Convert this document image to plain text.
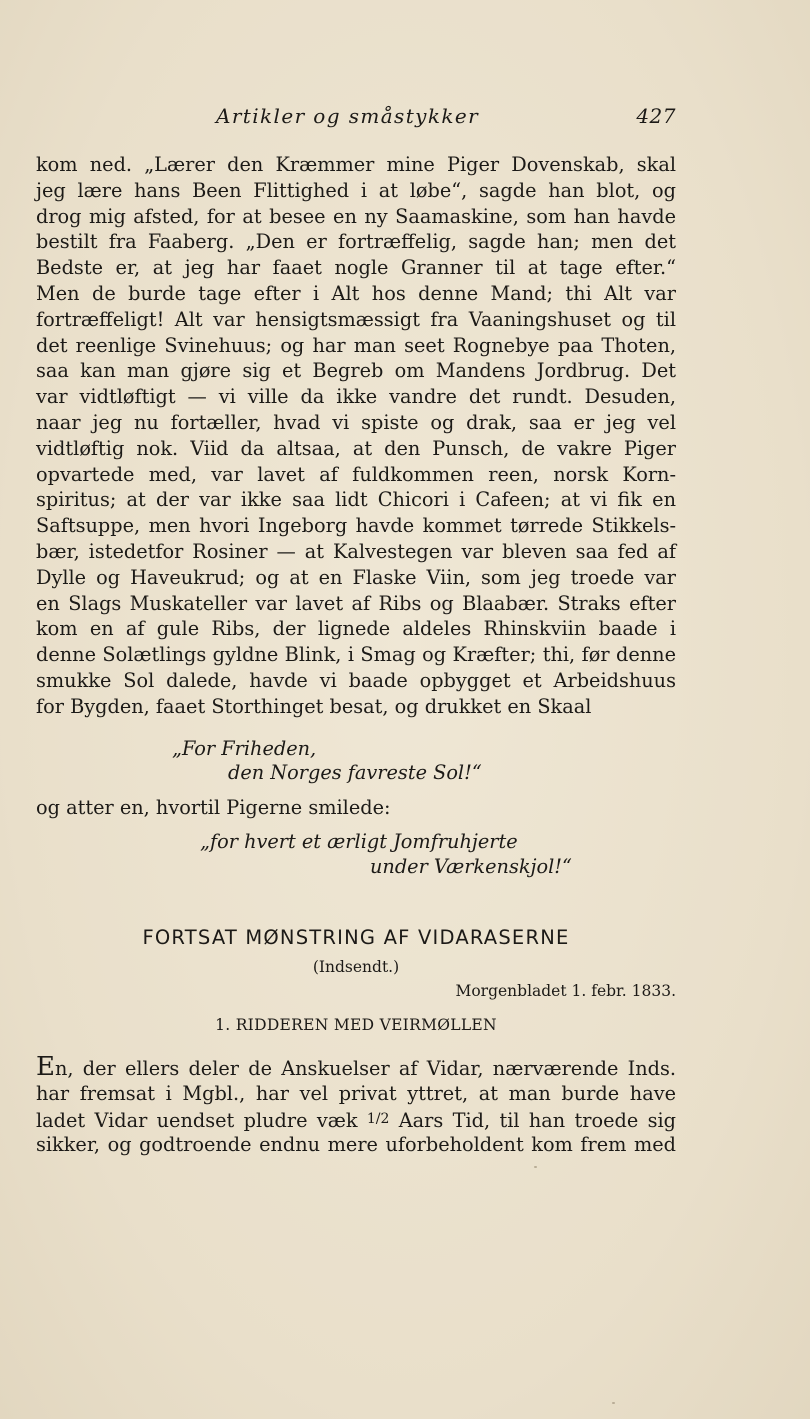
Artikler og småstykker	427
kom ned. „Lærer den Kræmmer mine Piger Dovenskab, skal
jeg lære hans Been Flittighed i at løbe“, sagde han blot, og
drog mig afsted, for at besee en ny Saamaskine, som han havde
bestilt fra Faaberg. „Den er fortræffelig, sagde han; men det
Bedste er, at jeg har faaet nogle Granner til at tage efter.“
Men de burde tage efter i Alt hos denne Mand; thi Alt var
fortræffeligt! Alt var hensigtsmæssigt fra Vaaningshuset og til
det reenlige Svinehuus; og har man seet Rognebye paa Thoten,
saa kan man gjøre sig et Begreb om Mandens Jordbrug. Det
var vidtløftigt — vi ville da ikke vandre det rundt. Desuden,
naar jeg nu fortæller, hvad vi spiste og drak, saa er jeg vel
vidtløftig nok. Viid da altsaa, at den Punsch, de vakre Piger
opvartede med, var lavet af fuldkommen reen, norsk Korn-
spiritus; at der var ikke saa lidt Chicori i Cafeen; at vi fik en
Saftsuppe, men hvori Ingeborg havde kommet tørrede Stikkels-
bær, istedetfor Rosiner — at Kalvestegen var bleven saa fed af
Dylle og Haveukrud; og at en Flaske Viin, som jeg troede var
en Slags Muskateller var lavet af Ribs og Blaabær. Straks efter
kom en af gule Ribs, der lignede aldeles Rhinskviin baade i
denne Solætlings gyldne Blink, i Smag og Kræfter; thi, før denne
smukke Sol dalede, havde vi baade opbygget et Arbeidshuus
for Bygden, faaet Storthinget besat, og drukket en Skaal
„For Friheden,
den Norges favreste Sol!“
og atter en, hvortil Pigerne smilede:
„for hvert et ærligt Jomfruhjerte
under Værkenskjol!“
FORTSAT MØNSTRING AF VIDARASERNE
(Indsendt.)
Morgenbladet 1. febr. 1833.
1. RIDDEREN MED VEIRMØLLEN
En, der ellers deler de Anskuelser af Vidar, nærværende Inds.
har fremsat i Mgbl., har vel privat yttret, at man burde have
ladet Vidar uendset pludre væk $^{1/2}$ Aars Tid, til han troede sig
sikker, og godtroende endnu mere uforbeholdent kom frem med
